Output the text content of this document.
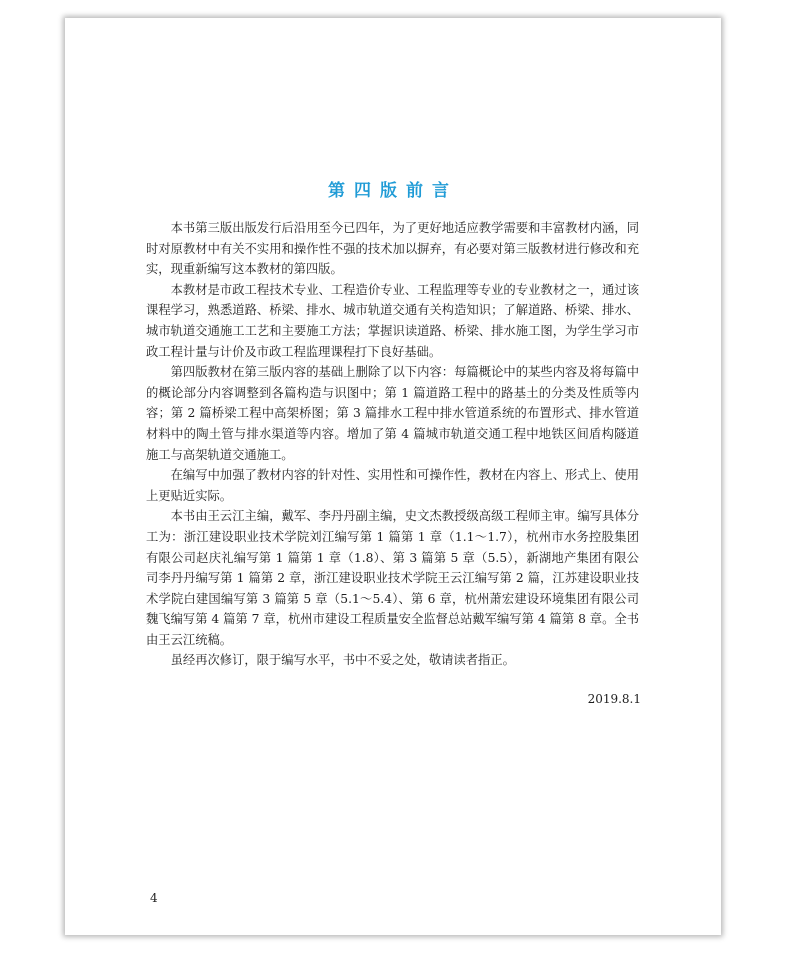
第四版前言

本书第三版出版发行后沿用至今已四年，为了更好地适应教学需要和丰富教材内涵，同时对原教材中有关不实用和操作性不强的技术加以摒弃，有必要对第三版教材进行修改和充实，现重新编写这本教材的第四版。

本教材是市政工程技术专业、工程造价专业、工程监理等专业的专业教材之一，通过该课程学习，熟悉道路、桥梁、排水、城市轨道交通有关构造知识；了解道路、桥梁、排水、城市轨道交通施工工艺和主要施工方法；掌握识读道路、桥梁、排水施工图，为学生学习市政工程计量与计价及市政工程监理课程打下良好基础。

第四版教材在第三版内容的基础上删除了以下内容：每篇概论中的某些内容及将每篇中的概论部分内容调整到各篇构造与识图中；第 1 篇道路工程中的路基土的分类及性质等内容；第 2 篇桥梁工程中高架桥图；第 3 篇排水工程中排水管道系统的布置形式、排水管道材料中的陶土管与排水渠道等内容。增加了第 4 篇城市轨道交通工程中地铁区间盾构隧道施工与高架轨道交通施工。

在编写中加强了教材内容的针对性、实用性和可操作性，教材在内容上、形式上、使用上更贴近实际。

本书由王云江主编，戴军、李丹丹副主编，史文杰教授级高级工程师主审。编写具体分工为：浙江建设职业技术学院刘江编写第 1 篇第 1 章（1.1～1.7），杭州市水务控股集团有限公司赵庆礼编写第 1 篇第 1 章（1.8）、第 3 篇第 5 章（5.5），新湖地产集团有限公司李丹丹编写第 1 篇第 2 章，浙江建设职业技术学院王云江编写第 2 篇，江苏建设职业技术学院白建国编写第 3 篇第 5 章（5.1～5.4）、第 6 章，杭州萧宏建设环境集团有限公司魏飞编写第 4 篇第 7 章，杭州市建设工程质量安全监督总站戴军编写第 4 篇第 8 章。全书由王云江统稿。

虽经再次修订，限于编写水平，书中不妥之处，敬请读者指正。

2019.8.1
4
